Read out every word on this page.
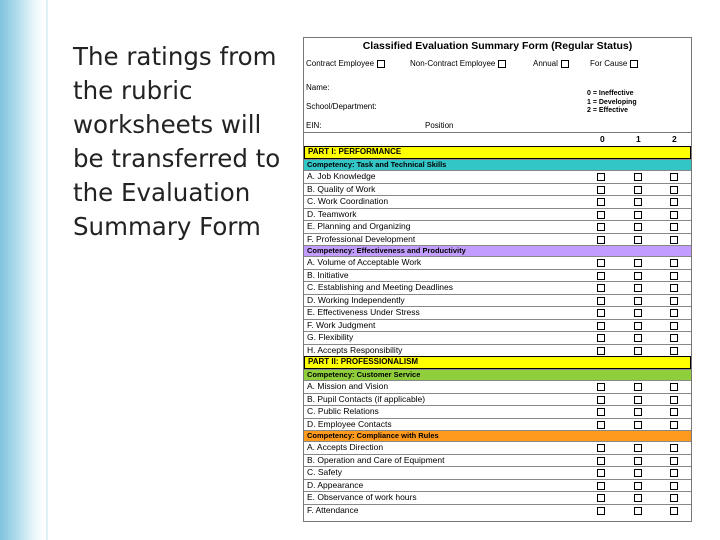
The ratings from the rubric worksheets will be transferred to the Evaluation Summary Form
Classified Evaluation Summary Form (Regular Status)
Contract Employee	Non-Contract Employee	Annual	For Cause
Name:
School/Department:
EIN:	Position
0 = Ineffective
1 = Developing
2 = Effective
0	1	2
PART I: PERFORMANCE
Competency: Task and Technical Skills
A. Job Knowledge
B. Quality of Work
C. Work Coordination
D. Teamwork
E. Planning and Organizing
F. Professional Development
Competency: Effectiveness and Productivity
A. Volume of Acceptable Work
B. Initiative
C. Establishing and Meeting Deadlines
D. Working Independently
E. Effectiveness Under Stress
F. Work Judgment
G. Flexibility
H. Accepts Responsibility
PART II: PROFESSIONALISM
Competency: Customer Service
A. Mission and Vision
B. Pupil Contacts (if applicable)
C. Public Relations
D. Employee Contacts
Competency: Compliance with Rules
A. Accepts Direction
B. Operation and Care of Equipment
C. Safety
D. Appearance
E. Observance of work hours
F. Attendance
